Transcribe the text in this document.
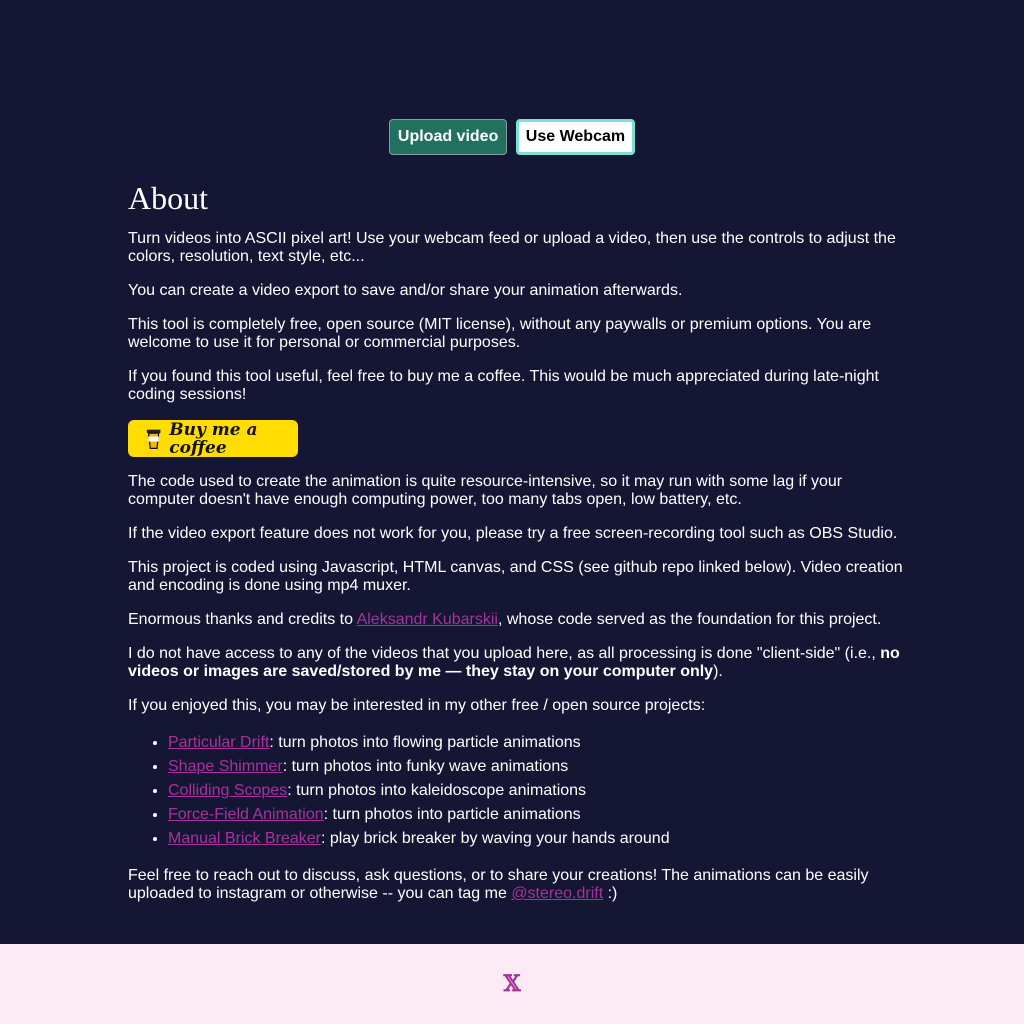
Upload video Use Webcam
About

Turn videos into ASCII pixel art! Use your webcam feed or upload a video, then use the controls to adjust the colors, resolution, text style, etc...

You can create a video export to save and/or share your animation afterwards.

This tool is completely free, open source (MIT license), without any paywalls or premium options. You are welcome to use it for personal or commercial purposes.

If you found this tool useful, feel free to buy me a coffee. This would be much appreciated during late-night coding sessions!

Buy me a coffee

The code used to create the animation is quite resource-intensive, so it may run with some lag if your computer doesn't have enough computing power, too many tabs open, low battery, etc.

If the video export feature does not work for you, please try a free screen-recording tool such as OBS Studio.

This project is coded using Javascript, HTML canvas, and CSS (see github repo linked below). Video creation and encoding is done using mp4 muxer.

Enormous thanks and credits to Aleksandr Kubarskii, whose code served as the foundation for this project.

I do not have access to any of the videos that you upload here, as all processing is done "client-side" (i.e., no videos or images are saved/stored by me — they stay on your computer only).

If you enjoyed this, you may be interested in my other free / open source projects:

• Particular Drift: turn photos into flowing particle animations
• Shape Shimmer: turn photos into funky wave animations
• Colliding Scopes: turn photos into kaleidoscope animations
• Force-Field Animation: turn photos into particle animations
• Manual Brick Breaker: play brick breaker by waving your hands around

Feel free to reach out to discuss, ask questions, or to share your creations! The animations can be easily uploaded to instagram or otherwise -- you can tag me @stereo.drift :)

𝕏
